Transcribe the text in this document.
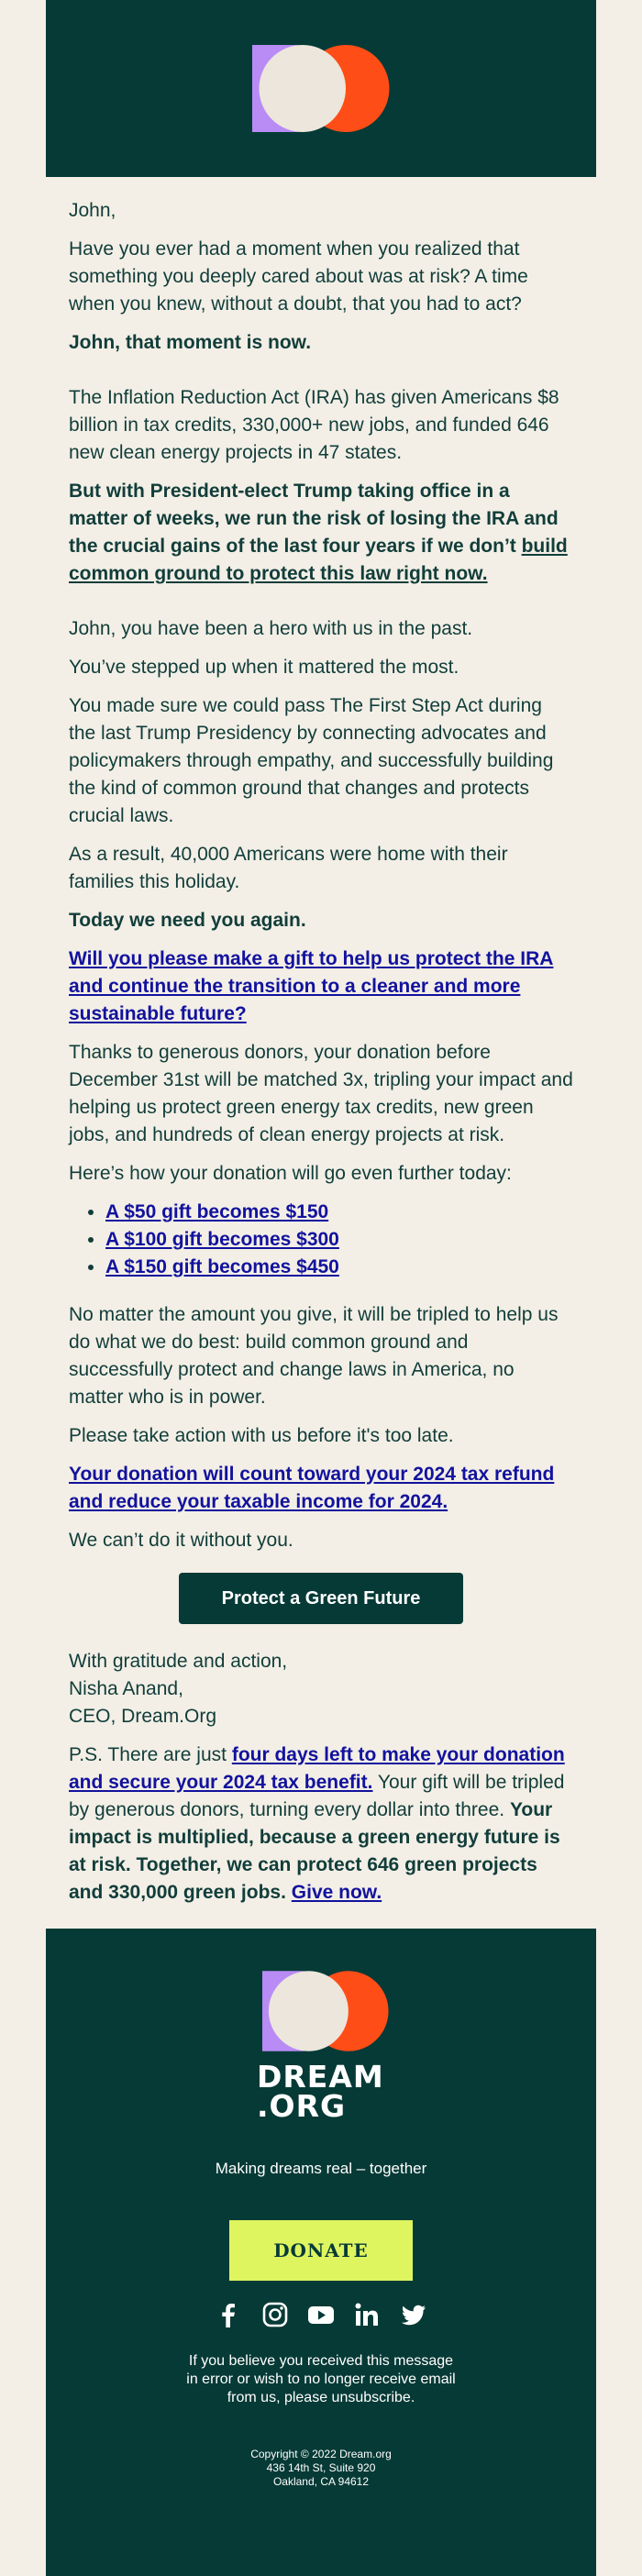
John,

Have you ever had a moment when you realized that something you deeply cared about was at risk? A time when you knew, without a doubt, that you had to act?

John, that moment is now.

The Inflation Reduction Act (IRA) has given Americans $8 billion in tax credits, 330,000+ new jobs, and funded 646 new clean energy projects in 47 states.

But with President-elect Trump taking office in a matter of weeks, we run the risk of losing the IRA and the crucial gains of the last four years if we don’t build common ground to protect this law right now.

John, you have been a hero with us in the past.

You’ve stepped up when it mattered the most.

You made sure we could pass The First Step Act during the last Trump Presidency by connecting advocates and policymakers through empathy, and successfully building the kind of common ground that changes and protects crucial laws.

As a result, 40,000 Americans were home with their families this holiday.

Today we need you again.

Will you please make a gift to help us protect the IRA and continue the transition to a cleaner and more sustainable future?

Thanks to generous donors, your donation before December 31st will be matched 3x, tripling your impact and helping us protect green energy tax credits, new green jobs, and hundreds of clean energy projects at risk.

Here’s how your donation will go even further today:

• A $50 gift becomes $150
• A $100 gift becomes $300
• A $150 gift becomes $450

No matter the amount you give, it will be tripled to help us do what we do best: build common ground and successfully protect and change laws in America, no matter who is in power.

Please take action with us before it's too late.

Your donation will count toward your 2024 tax refund and reduce your taxable income for 2024.

We can’t do it without you.

Protect a Green Future

With gratitude and action,

Nisha Anand,

CEO, Dream.Org

P.S. There are just four days left to make your donation and secure your 2024 tax benefit. Your gift will be tripled by generous donors, turning every dollar into three. Your impact is multiplied, because a green energy future is at risk. Together, we can protect 646 green projects and 330,000 green jobs. Give now.

DREAM
.ORG
Making dreams real – together
DONATE

If you believe you received this message in error or wish to no longer receive email from us, please unsubscribe.
Copyright © 2022 Dream.org
436 14th St, Suite 920
Oakland, CA 94612
